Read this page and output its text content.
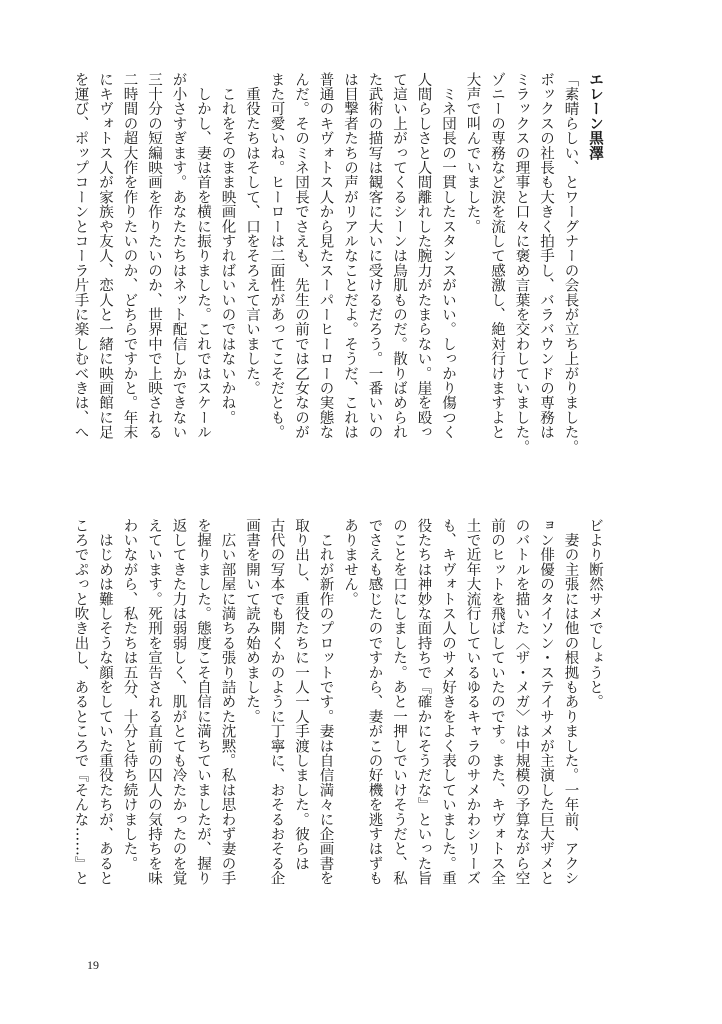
エレーン黒澤
「素晴らしい、とワーグナーの会長が立ち上がりました。
ボックスの社長も大きく拍手し、バラバウンドの専務は
ミラックスの理事と口々に褒め言葉を交わしていました。
ゾニーの専務など涙を流して感激し、絶対行けますよと
大声で叫んでいました。
　ミネ団長の一貫したスタンスがいい。しっかり傷つく
人間らしさと人間離れした腕力がたまらない。崖を殴っ
て這い上がってくるシーンは鳥肌ものだ。散りばめられ
た武術の描写は観客に大いに受けるだろう。一番いいの
は目撃者たちの声がリアルなことだよ。そうだ、これは
普通のキヴォトス人から見たスーパーヒーローの実態な
んだ。そのミネ団長でさえも、先生の前では乙女なのが
また可愛いね。ヒーローは二面性があってこそだとも。
　重役たちはそして、口をそろえて言いました。
　これをそのまま映画化すればいいのではないかね。
　しかし、妻は首を横に振りました。これではスケール
が小さすぎます。あなたたちはネット配信しかできない
三十分の短編映画を作りたいのか、世界中で上映される
二時間の超大作を作りたいのか、どちらですかと。年末
にキヴォトス人が家族や友人、恋人と一緒に映画館に足
を運び、ポップコーンとコーラ片手に楽しむべきは、へ
ビより断然サメでしょうと。
　妻の主張には他の根拠もありました。一年前、アクシ
ョン俳優のタイソン・ステイサメが主演した巨大ザメと
のバトルを描いた〈ザ・メガ〉は中規模の予算ながら空
前のヒットを飛ばしていたのです。また、キヴォトス全
土で近年大流行しているゆるキャラのサメかわシリーズ
も、キヴォトス人のサメ好きをよく表していました。重
役たちは神妙な面持ちで『確かにそうだな』といった旨
のことを口にしました。あと一押しでいけそうだと、私
でさえも感じたのですから、妻がこの好機を逃すはずも
ありません。
　これが新作のプロットです。妻は自信満々に企画書を
取り出し、重役たちに一人一人手渡しました。彼らは
古代の写本でも開くかのように丁寧に、おそるおそる企
画書を開いて読み始めました。
　広い部屋に満ちる張り詰めた沈黙。私は思わず妻の手
を握りました。態度こそ自信に満ちていましたが、握り
返してきた力は弱弱しく、肌がとても冷たかったのを覚
えています。死刑を宣告される直前の囚人の気持ちを味
わいながら、私たちは五分、十分と待ち続けました。
　はじめは難しそうな顔をしていた重役たちが、あると
ころでぷっと吹き出し、あるところで『そんな……』と
19
